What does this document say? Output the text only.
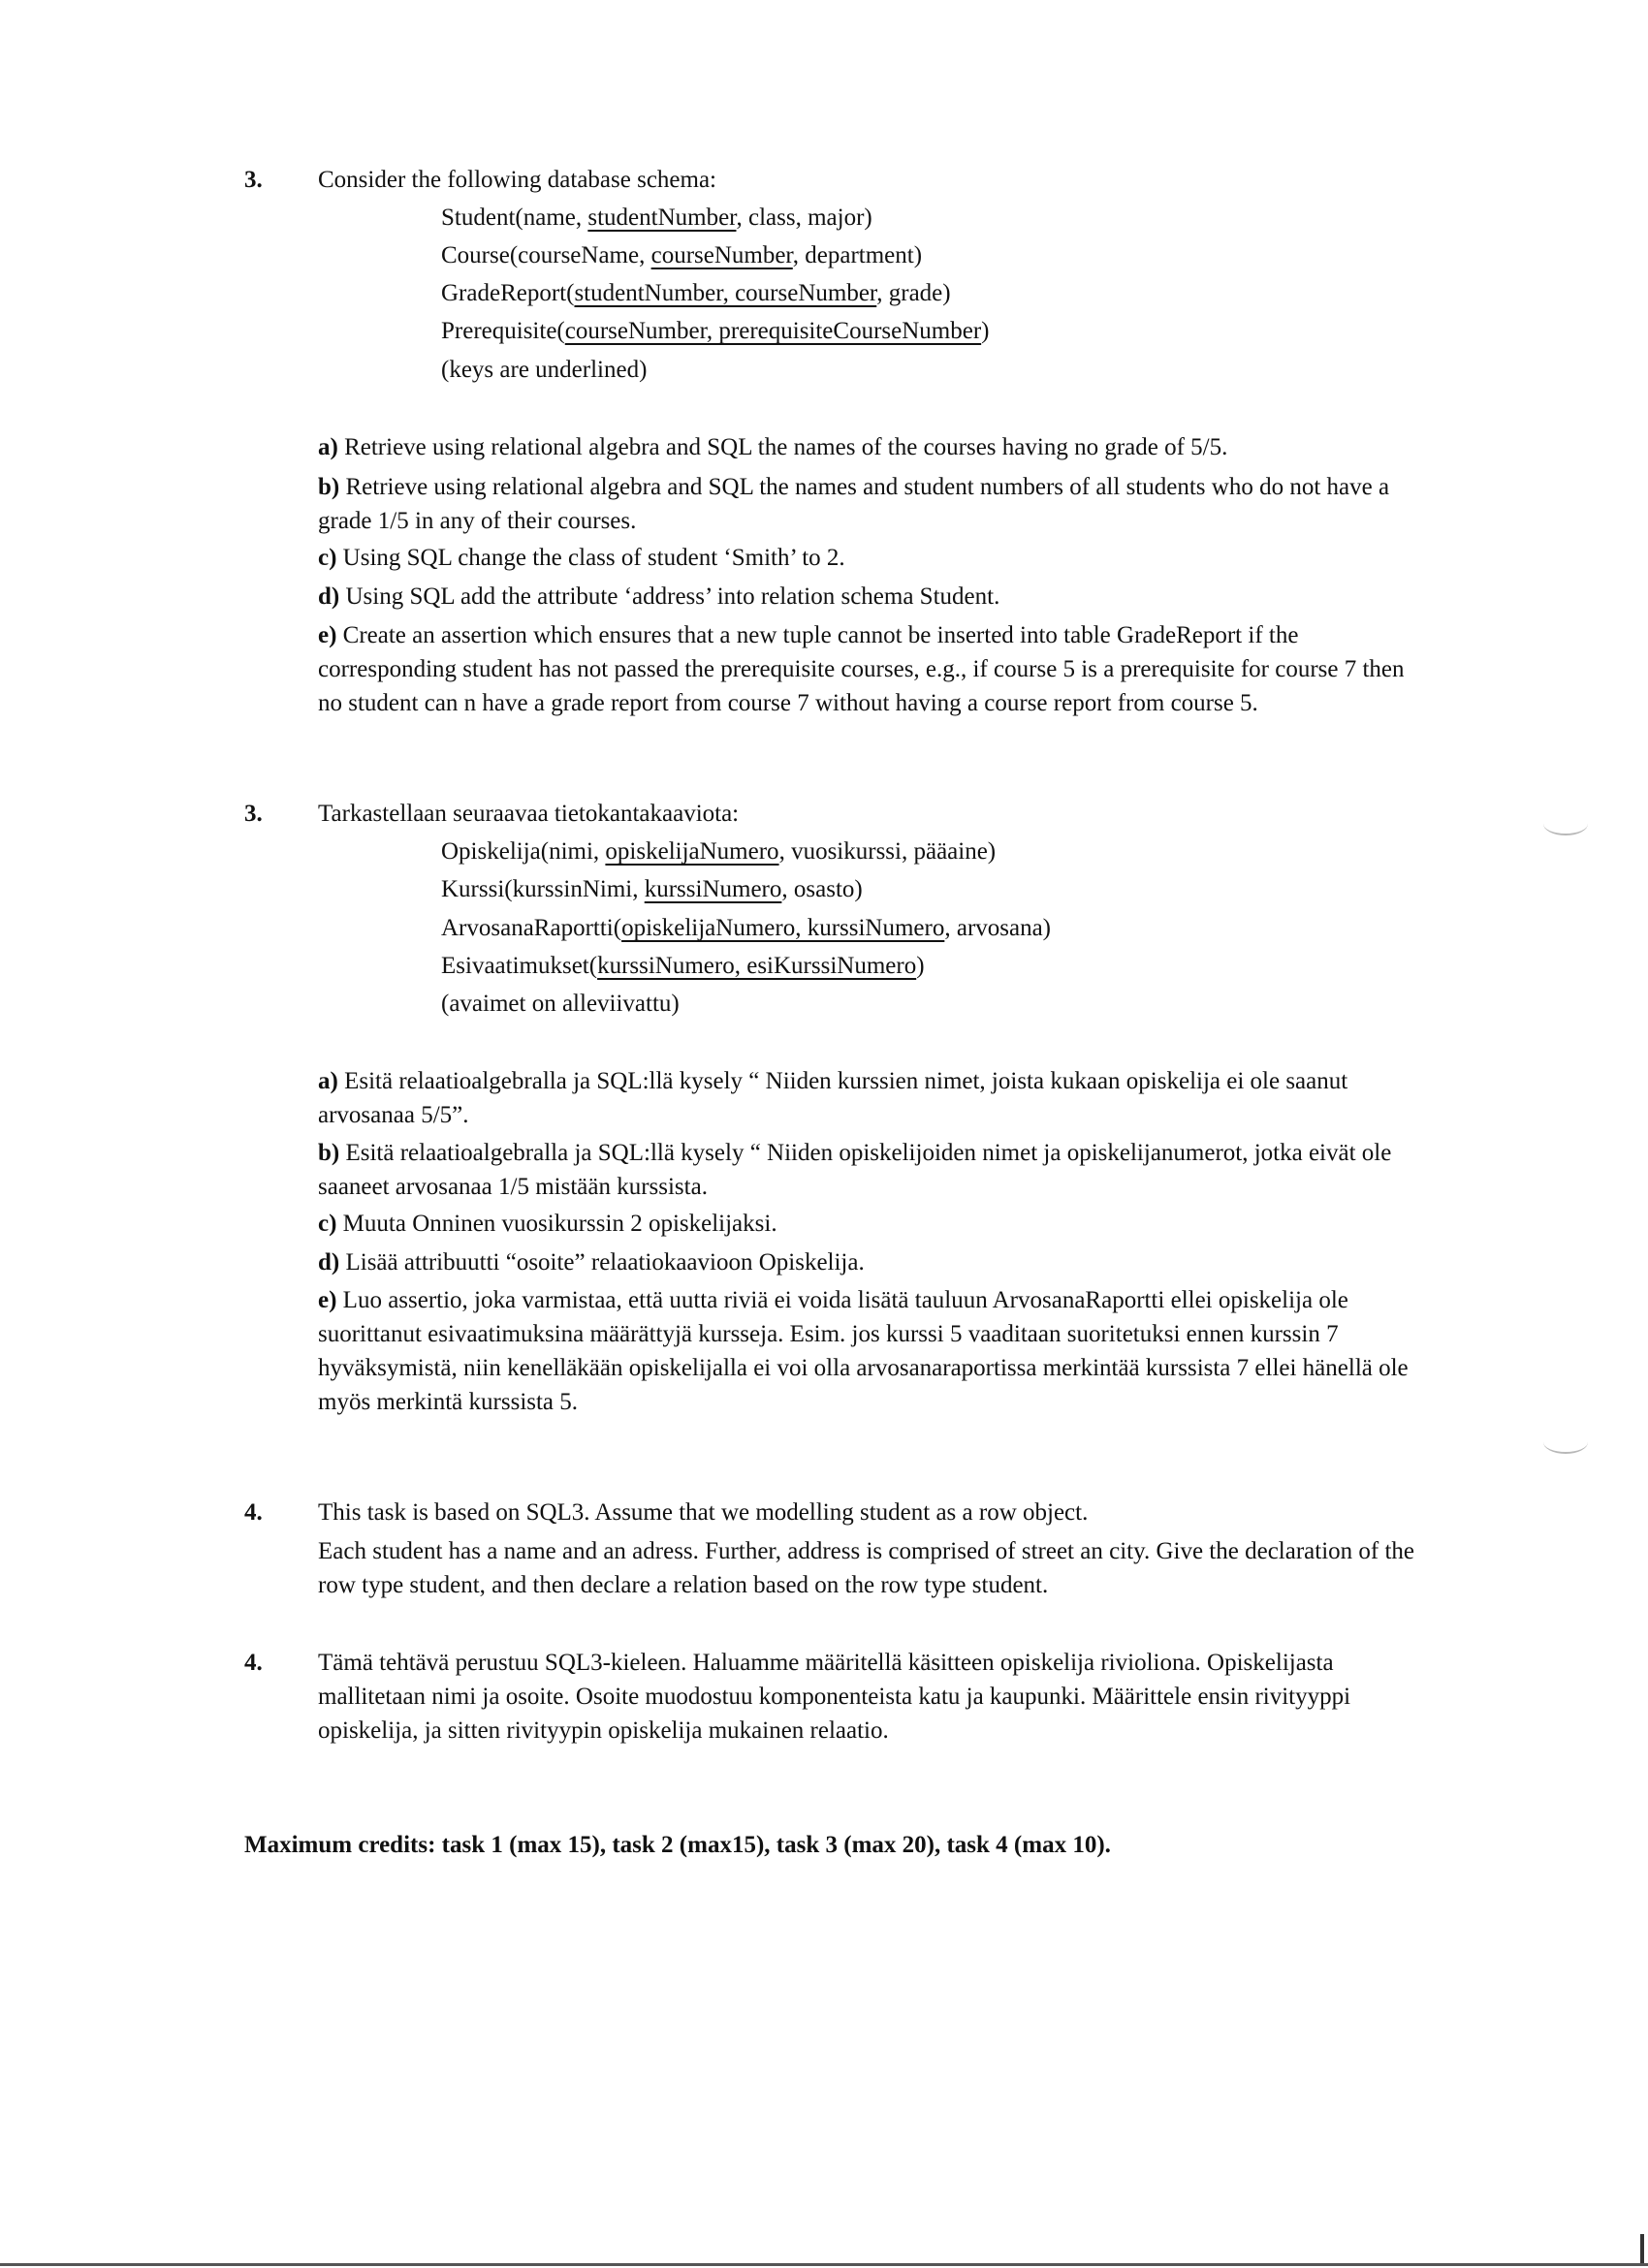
3. Consider the following database schema:
Student(name, studentNumber, class, major)
Course(courseName, courseNumber, department)
GradeReport(studentNumber, courseNumber, grade)
Prerequisite(courseNumber, prerequisiteCourseNumber)
(keys are underlined)
a) Retrieve using relational algebra and SQL the names of the courses having no grade of 5/5.
b) Retrieve using relational algebra and SQL the names and student numbers of all students who do not have a grade 1/5 in any of their courses.
c) Using SQL change the class of student ‘Smith’ to 2.
d) Using SQL add the attribute ‘address’ into relation schema Student.
e) Create an assertion which ensures that a new tuple cannot be inserted into table GradeReport if the corresponding student has not passed the prerequisite courses, e.g., if course 5 is a prerequisite for course 7 then no student can n have a grade report from course 7 without having a course report from course 5.
3. Tarkastellaan seuraavaa tietokantakaaviota:
Opiskelija(nimi, opiskelijaNumero, vuosikurssi, pääaine)
Kurssi(kurssinNimi, kurssiNumero, osasto)
ArvosanaRaportti(opiskelijaNumero, kurssiNumero, arvosana)
Esivaatimukset(kurssiNumero, esiKurssiNumero)
(avaimet on alleviivattu)
a) Esitä relaatioalgebralla ja SQL:llä kysely “ Niiden kurssien nimet, joista kukaan opiskelija ei ole saanut arvosanaa 5/5”.
b) Esitä relaatioalgebralla ja SQL:llä kysely “ Niiden opiskelijoiden nimet ja opiskelijanumerot, jotka eivät ole saaneet arvosanaa 1/5 mistään kurssista.
c) Muuta Onninen vuosikurssin 2 opiskelijaksi.
d) Lisää attribuutti “osoite” relaatiokaavioon Opiskelija.
e) Luo assertio, joka varmistaa, että uutta riviä ei voida lisätä tauluun ArvosanaRaportti ellei opiskelija ole suorittanut esivaatimuksina määrättyjä kursseja. Esim. jos kurssi 5 vaaditaan suoritetuksi ennen kurssin 7 hyväksymistä, niin kenelläkään opiskelijalla ei voi olla arvosanaraportissa merkintää kurssista 7 ellei hänellä ole myös merkintä kurssista 5.
4. This task is based on SQL3. Assume that we modelling student as a row object.
Each student has a name and an adress. Further, address is comprised of street an city. Give the declaration of the row type student, and then declare a relation based on the row type student.
4. Tämä tehtävä perustuu SQL3-kieleen. Haluamme määritellä käsitteen opiskelija rivioliona. Opiskelijasta mallitetaan nimi ja osoite. Osoite muodostuu komponenteista katu ja kaupunki. Määrittele ensin rivityyppi opiskelija, ja sitten rivityypin opiskelija mukainen relaatio.
Maximum credits: task 1 (max 15), task 2 (max15), task 3 (max 20), task 4 (max 10).
